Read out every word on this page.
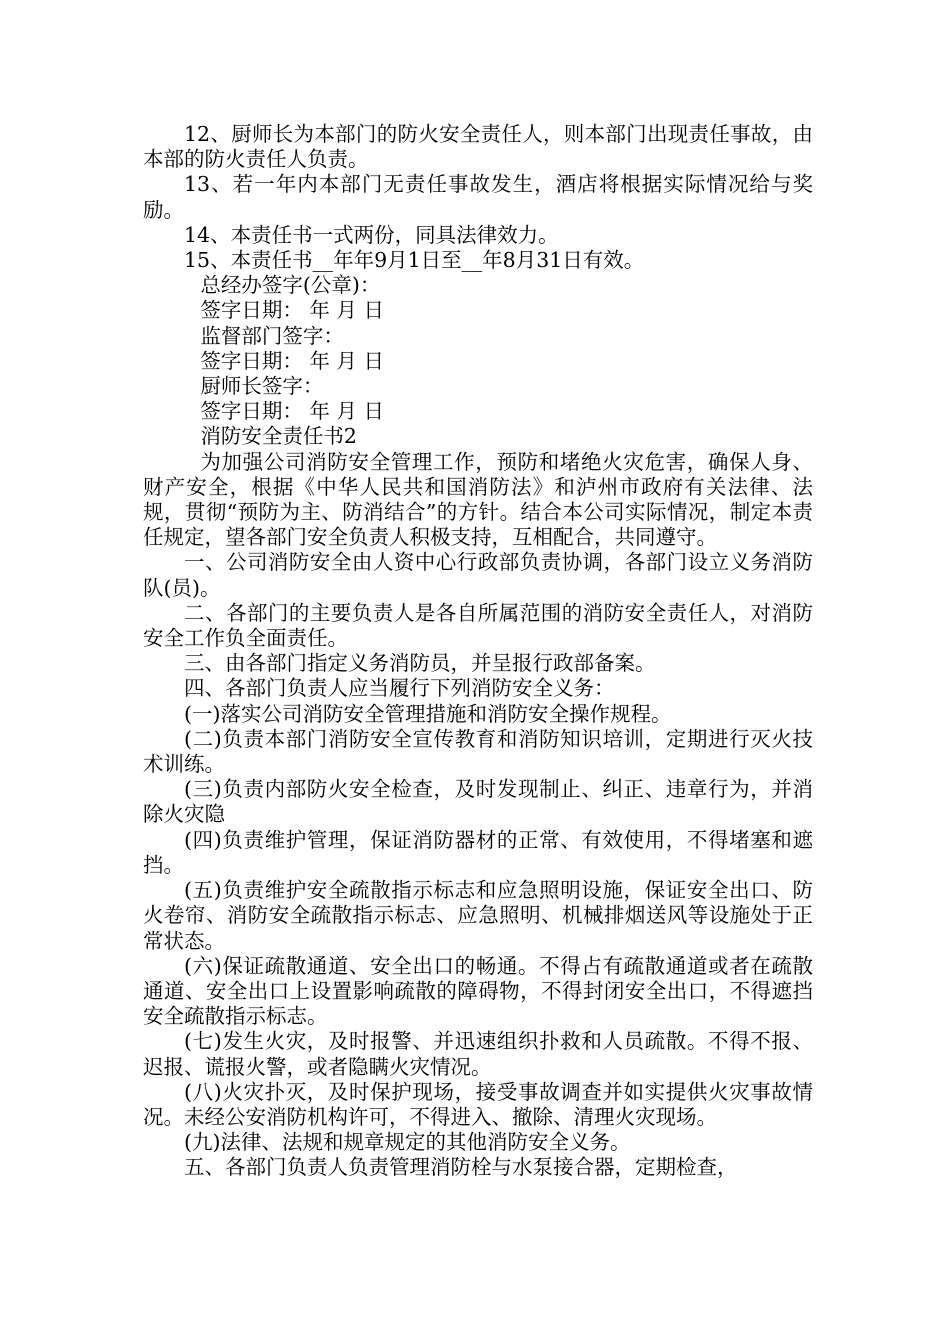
12、厨师长为本部门的防火安全责任人，则本部门出现责任事故，由本部的防火责任人负责。

13、若一年内本部门无责任事故发生，酒店将根据实际情况给与奖励。

14、本责任书一式两份，同具法律效力。

15、本责任书__年年9月1日至__年8月31日有效。

总经办签字(公章)：

签字日期： 年 月 日

监督部门签字：

签字日期： 年 月 日

厨师长签字：

签字日期： 年 月 日

消防安全责任书2

为加强公司消防安全管理工作，预防和堵绝火灾危害，确保人身、财产安全，根据《中华人民共和国消防法》和泸州市政府有关法律、法规，贯彻“预防为主、防消结合”的方针。结合本公司实际情况，制定本责任规定，望各部门安全负责人积极支持，互相配合，共同遵守。

一、公司消防安全由人资中心行政部负责协调，各部门设立义务消防队(员)。

二、各部门的主要负责人是各自所属范围的消防安全责任人，对消防安全工作负全面责任。

三、由各部门指定义务消防员，并呈报行政部备案。

四、各部门负责人应当履行下列消防安全义务：

(一)落实公司消防安全管理措施和消防安全操作规程。

(二)负责本部门消防安全宣传教育和消防知识培训，定期进行灭火技术训练。

(三)负责内部防火安全检查，及时发现制止、纠正、违章行为，并消除火灾隐

(四)负责维护管理，保证消防器材的正常、有效使用，不得堵塞和遮挡。

(五)负责维护安全疏散指示标志和应急照明设施，保证安全出口、防火卷帘、消防安全疏散指示标志、应急照明、机械排烟送风等设施处于正常状态。

(六)保证疏散通道、安全出口的畅通。不得占有疏散通道或者在疏散通道、安全出口上设置影响疏散的障碍物，不得封闭安全出口，不得遮挡安全疏散指示标志。

(七)发生火灾，及时报警、并迅速组织扑救和人员疏散。不得不报、迟报、谎报火警，或者隐瞒火灾情况。

(八)火灾扑灭，及时保护现场，接受事故调查并如实提供火灾事故情况。未经公安消防机构许可，不得进入、撤除、清理火灾现场。

(九)法律、法规和规章规定的其他消防安全义务。

五、各部门负责人负责管理消防栓与水泵接合器，定期检查，
